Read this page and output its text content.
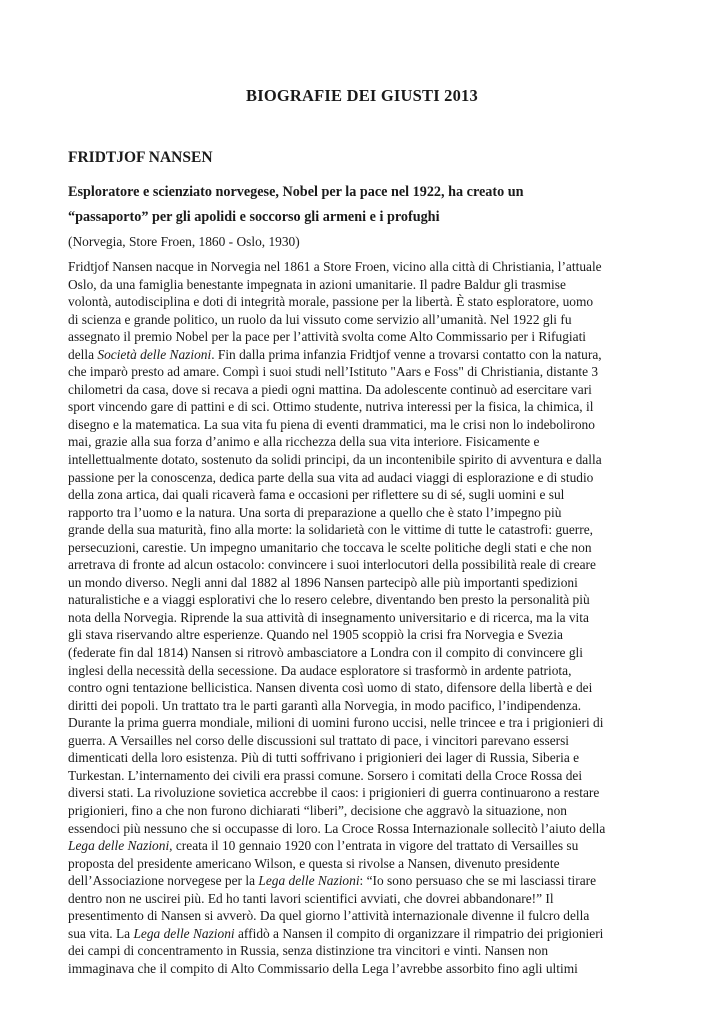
BIOGRAFIE DEI GIUSTI 2013
FRIDTJOF NANSEN

Esploratore e scienziato norvegese, Nobel per la pace nel 1922, ha creato un
“passaporto” per gli apolidi e soccorso gli armeni e i profughi

(Norvegia, Store Froen, 1860 - Oslo, 1930)

Fridtjof Nansen nacque in Norvegia nel 1861 a Store Froen, vicino alla città di Christiania, l’attuale
Oslo, da una famiglia benestante impegnata in azioni umanitarie. Il padre Baldur gli trasmise
volontà, autodisciplina e doti di integrità morale, passione per la libertà. È stato esploratore, uomo
di scienza e grande politico, un ruolo da lui vissuto come servizio all’umanità. Nel 1922 gli fu
assegnato il premio Nobel per la pace per l’attività svolta come Alto Commissario per i Rifugiati
della Società delle Nazioni. Fin dalla prima infanzia Fridtjof venne a trovarsi contatto con la natura,
che imparò presto ad amare. Compì i suoi studi nell’Istituto "Aars e Foss" di Christiania, distante 3
chilometri da casa, dove si recava a piedi ogni mattina. Da adolescente continuò ad esercitare vari
sport vincendo gare di pattini e di sci. Ottimo studente, nutriva interessi per la fisica, la chimica, il
disegno e la matematica. La sua vita fu piena di eventi drammatici, ma le crisi non lo indebolirono
mai, grazie alla sua forza d’animo e alla ricchezza della sua vita interiore. Fisicamente e
intellettualmente dotato, sostenuto da solidi principi, da un incontenibile spirito di avventura e dalla
passione per la conoscenza, dedica parte della sua vita ad audaci viaggi di esplorazione e di studio
della zona artica, dai quali ricaverà fama e occasioni per riflettere su di sé, sugli uomini e sul
rapporto tra l’uomo e la natura. Una sorta di preparazione a quello che è stato l’impegno più
grande della sua maturità, fino alla morte: la solidarietà con le vittime di tutte le catastrofi: guerre,
persecuzioni, carestie. Un impegno umanitario che toccava le scelte politiche degli stati e che non
arretrava di fronte ad alcun ostacolo: convincere i suoi interlocutori della possibilità reale di creare
un mondo diverso. Negli anni dal 1882 al 1896 Nansen partecipò alle più importanti spedizioni
naturalistiche e a viaggi esplorativi che lo resero celebre, diventando ben presto la personalità più
nota della Norvegia. Riprende la sua attività di insegnamento universitario e di ricerca, ma la vita
gli stava riservando altre esperienze. Quando nel 1905 scoppiò la crisi fra Norvegia e Svezia
(federate fin dal 1814) Nansen si ritrovò ambasciatore a Londra con il compito di convincere gli
inglesi della necessità della secessione. Da audace esploratore si trasformò in ardente patriota,
contro ogni tentazione bellicistica. Nansen diventa così uomo di stato, difensore della libertà e dei
diritti dei popoli. Un trattato tra le parti garantì alla Norvegia, in modo pacifico, l’indipendenza.
Durante la prima guerra mondiale, milioni di uomini furono uccisi, nelle trincee e tra i prigionieri di
guerra. A Versailles nel corso delle discussioni sul trattato di pace, i vincitori parevano essersi
dimenticati della loro esistenza. Più di tutti soffrivano i prigionieri dei lager di Russia, Siberia e
Turkestan. L’internamento dei civili era prassi comune. Sorsero i comitati della Croce Rossa dei
diversi stati. La rivoluzione sovietica accrebbe il caos: i prigionieri di guerra continuarono a restare
prigionieri, fino a che non furono dichiarati “liberi”, decisione che aggravò la situazione, non
essendoci più nessuno che si occupasse di loro. La Croce Rossa Internazionale sollecitò l’aiuto della
Lega delle Nazioni, creata il 10 gennaio 1920 con l’entrata in vigore del trattato di Versailles su
proposta del presidente americano Wilson, e questa si rivolse a Nansen, divenuto presidente
dell’Associazione norvegese per la Lega delle Nazioni: “Io sono persuaso che se mi lasciassi tirare
dentro non ne uscirei più. Ed ho tanti lavori scientifici avviati, che dovrei abbandonare!” Il
presentimento di Nansen si avverò. Da quel giorno l’attività internazionale divenne il fulcro della
sua vita. La Lega delle Nazioni affidò a Nansen il compito di organizzare il rimpatrio dei prigionieri
dei campi di concentramento in Russia, senza distinzione tra vincitori e vinti. Nansen non
immaginava che il compito di Alto Commissario della Lega l’avrebbe assorbito fino agli ultimi
